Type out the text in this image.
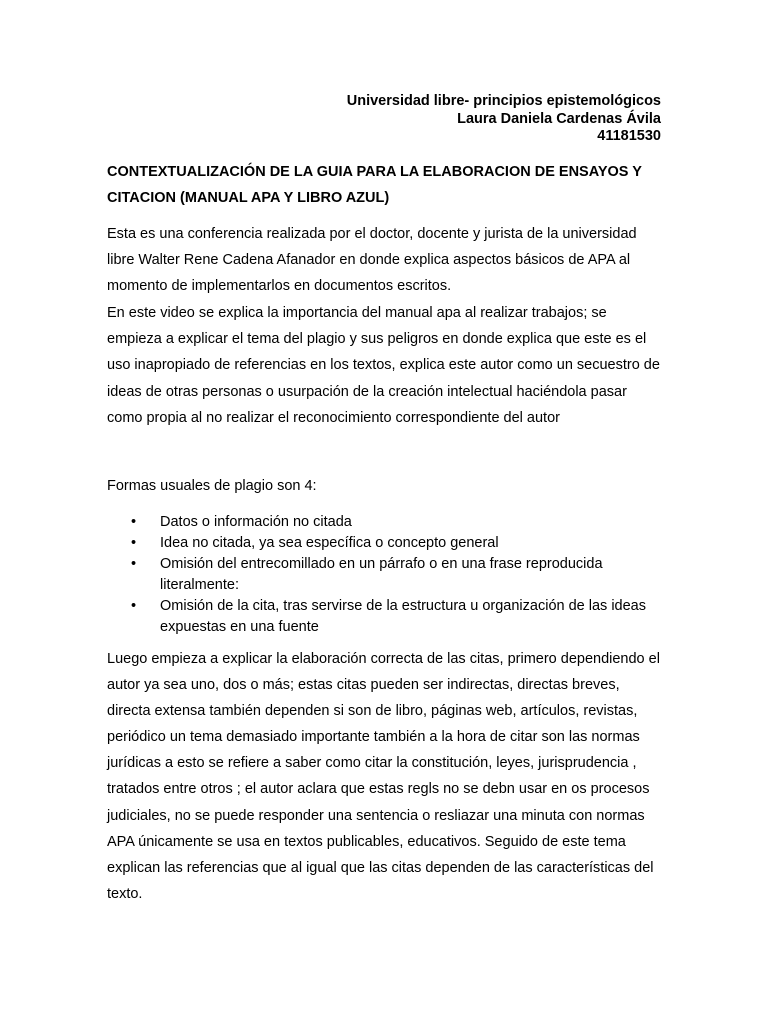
Universidad libre- principios epistemológicos
Laura Daniela Cardenas Ávila
41181530
CONTEXTUALIZACIÓN DE LA GUIA PARA LA ELABORACION DE ENSAYOS Y CITACION (MANUAL APA Y LIBRO AZUL)
Esta es una conferencia realizada por el doctor, docente y jurista de la universidad libre Walter Rene Cadena Afanador en donde explica aspectos básicos de APA al momento de implementarlos en documentos escritos.
En este video se explica la importancia del manual apa al realizar trabajos; se empieza a explicar el tema del plagio y sus peligros en donde explica que este es el uso inapropiado de referencias en los textos, explica este autor como un secuestro de ideas de otras personas o usurpación de la creación intelectual haciéndola pasar como propia al no realizar el reconocimiento correspondiente del autor
Formas usuales de plagio son 4:
• Datos o información no citada
• Idea no citada, ya sea específica o concepto general
• Omisión del entrecomillado en un párrafo o en una frase reproducida literalmente:
• Omisión de la cita, tras servirse de la estructura u organización de las ideas expuestas en una fuente
Luego empieza a explicar la elaboración correcta de las citas, primero dependiendo el autor ya sea uno, dos o más; estas citas pueden ser indirectas, directas breves, directa extensa también dependen si son de libro, páginas web, artículos, revistas, periódico un tema demasiado importante también a la hora de citar son las normas jurídicas a esto se refiere a saber como citar la constitución, leyes, jurisprudencia , tratados entre otros ; el autor aclara que estas regls no se debn usar en os procesos judiciales, no se puede responder una sentencia o resliazar una minuta con normas APA únicamente se usa en textos publicables, educativos. Seguido de este tema explican las referencias que al igual que las citas dependen de las características del texto.
